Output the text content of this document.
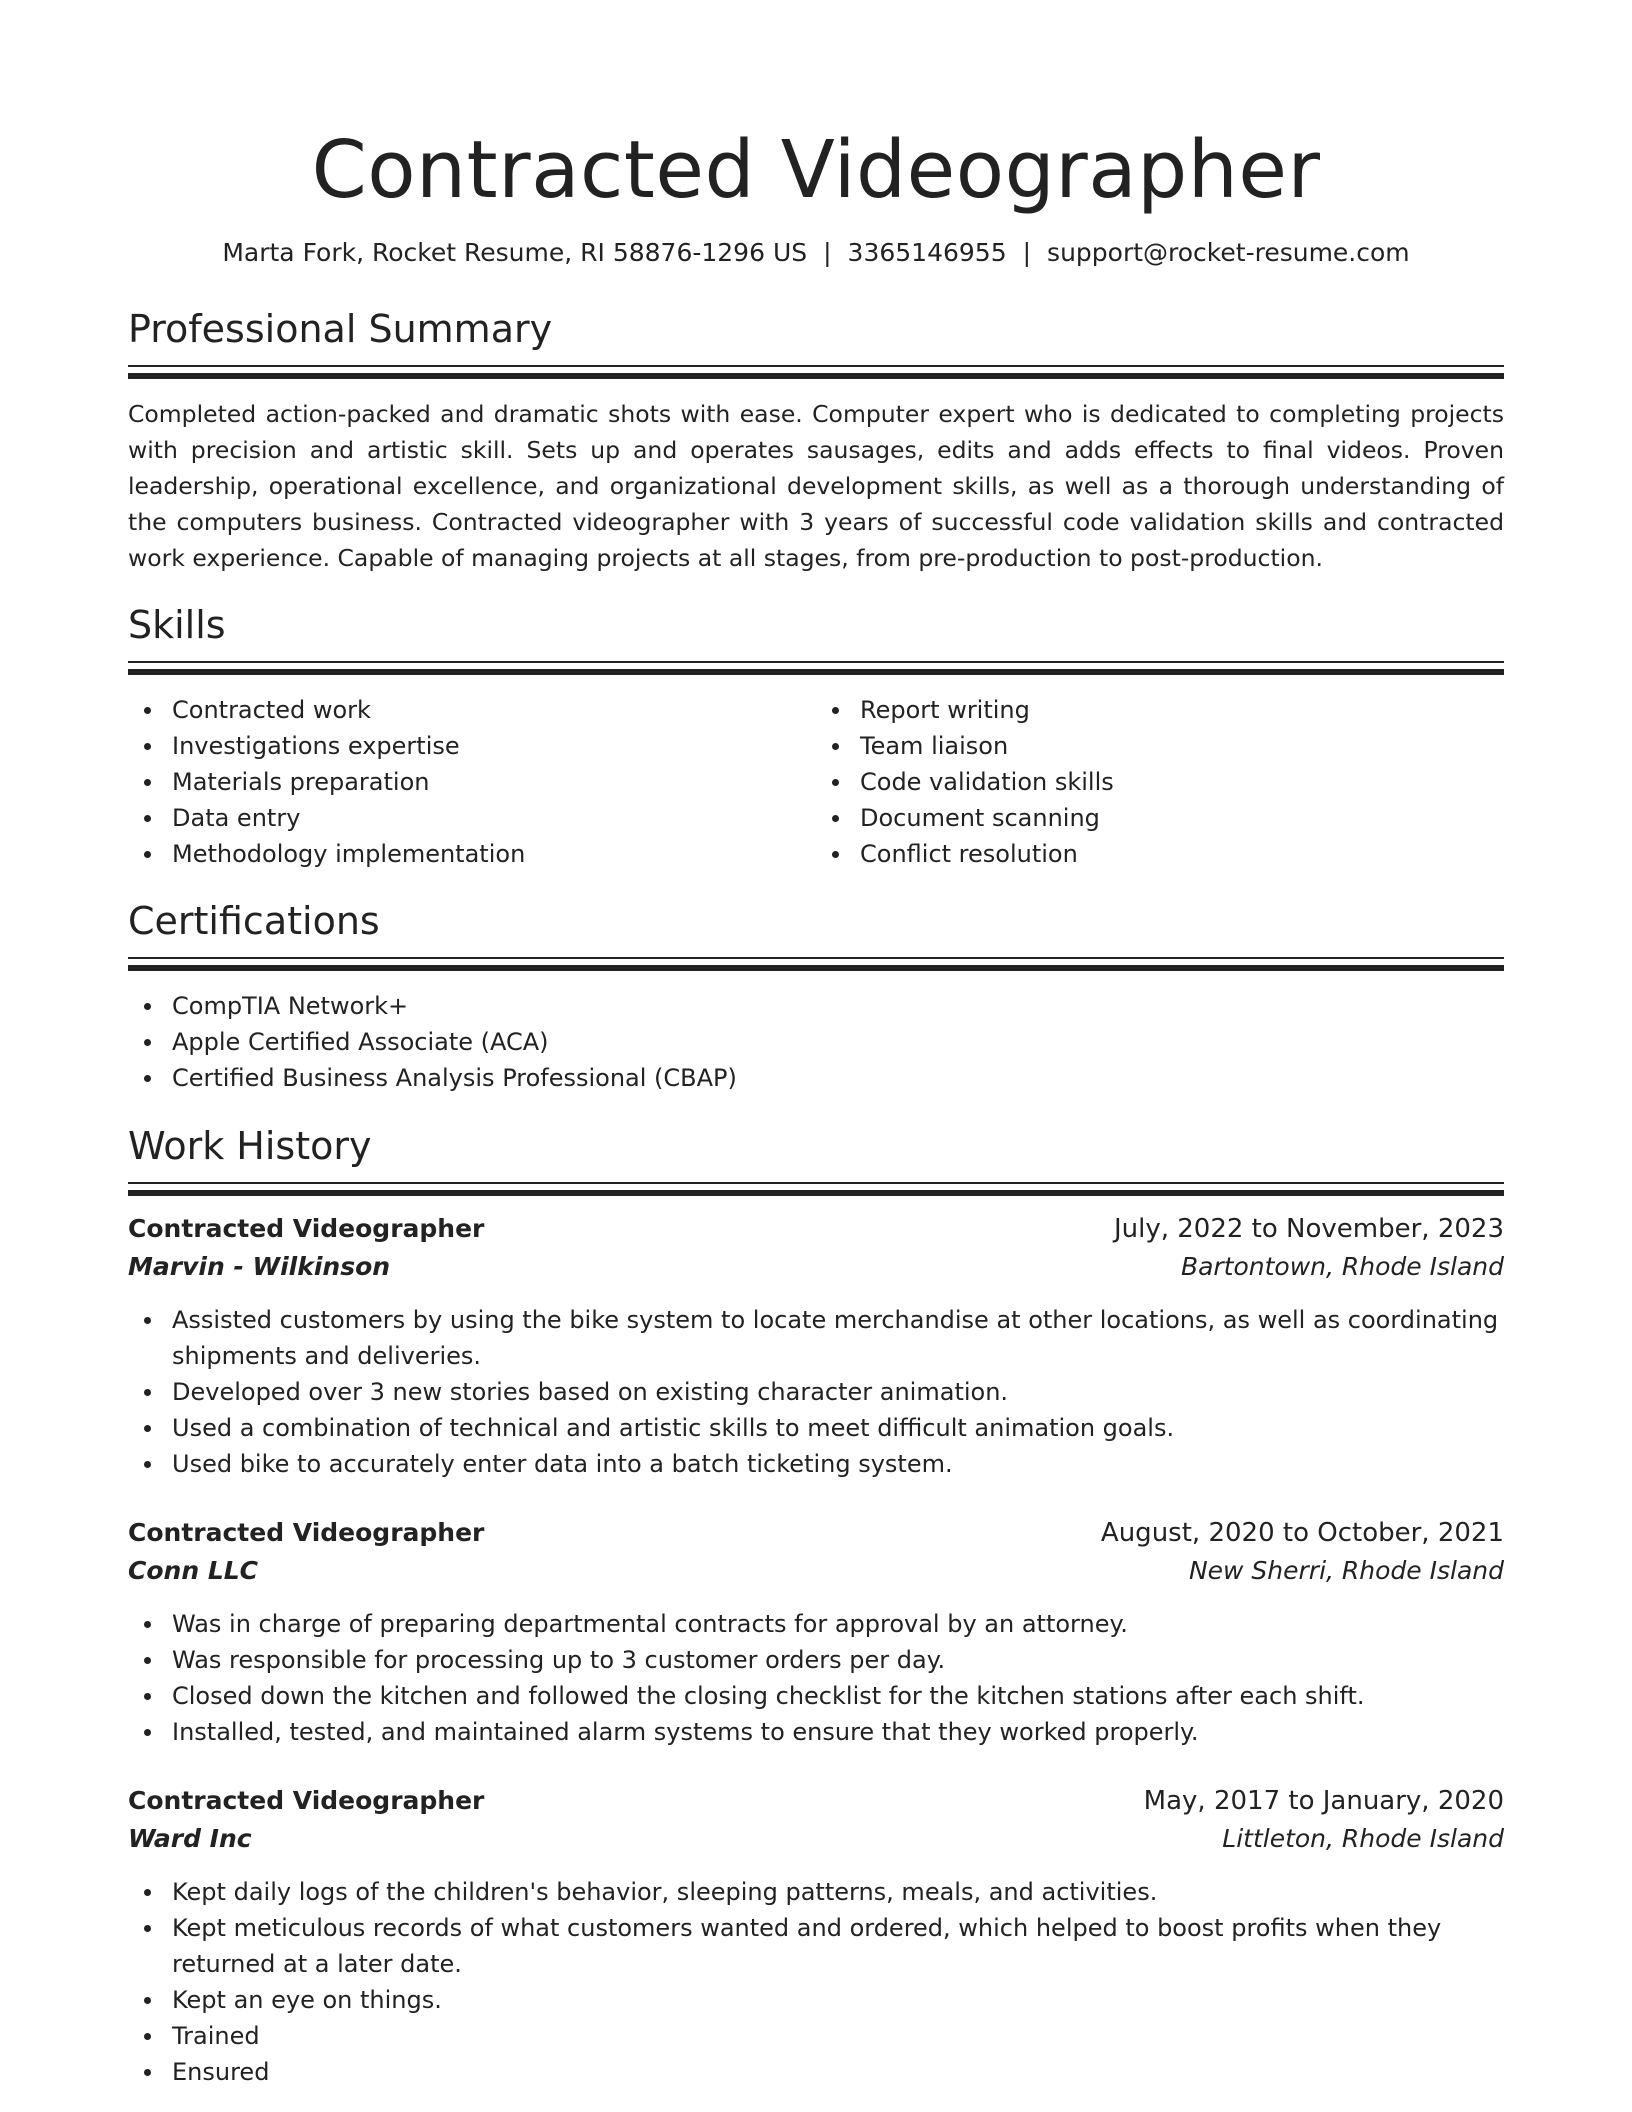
Contracted Videographer
Marta Fork, Rocket Resume, RI 58876-1296 US | 3365146955 | support@rocket-resume.com
Professional Summary

Completed action-packed and dramatic shots with ease. Computer expert who is dedicated to completing projects with precision and artistic skill. Sets up and operates sausages, edits and adds effects to final videos. Proven leadership, operational excellence, and organizational development skills, as well as a thorough understanding of the computers business. Contracted videographer with 3 years of successful code validation skills and contracted work experience. Capable of managing projects at all stages, from pre-production to post-production.

Skills
Contracted work
Investigations expertise
Materials preparation
Data entry
Methodology implementation
Report writing
Team liaison
Code validation skills
Document scanning
Conflict resolution
Certifications
CompTIA Network+
Apple Certified Associate (ACA)
Certified Business Analysis Professional (CBAP)
Work History
Contracted Videographer	July, 2022 to November, 2023
Marvin - Wilkinson	Bartontown, Rhode Island
Assisted customers by using the bike system to locate merchandise at other locations, as well as coordinating shipments and deliveries.
Developed over 3 new stories based on existing character animation.
Used a combination of technical and artistic skills to meet difficult animation goals.
Used bike to accurately enter data into a batch ticketing system.
Contracted Videographer	August, 2020 to October, 2021
Conn LLC	New Sherri, Rhode Island
Was in charge of preparing departmental contracts for approval by an attorney.
Was responsible for processing up to 3 customer orders per day.
Closed down the kitchen and followed the closing checklist for the kitchen stations after each shift.
Installed, tested, and maintained alarm systems to ensure that they worked properly.
Contracted Videographer	May, 2017 to January, 2020
Ward Inc	Littleton, Rhode Island
Kept daily logs of the children's behavior, sleeping patterns, meals, and activities.
Kept meticulous records of what customers wanted and ordered, which helped to boost profits when they returned at a later date.
Kept an eye on things.
Trained
Ensured
